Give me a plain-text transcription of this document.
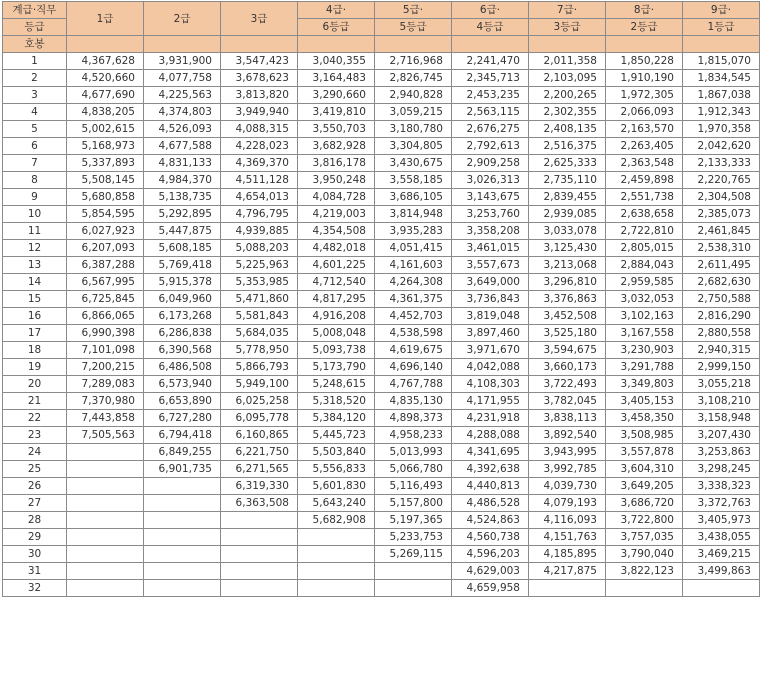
계급·직무	1급	2급	3급	4급·	5급·	6급·	7급·	8급·	9급·
등급				6등급	5등급	4등급	3등급	2등급	1등급
호봉									
1	4,367,628	3,931,900	3,547,423	3,040,355	2,716,968	2,241,470	2,011,358	1,850,228	1,815,070
2	4,520,660	4,077,758	3,678,623	3,164,483	2,826,745	2,345,713	2,103,095	1,910,190	1,834,545
3	4,677,690	4,225,563	3,813,820	3,290,660	2,940,828	2,453,235	2,200,265	1,972,305	1,867,038
4	4,838,205	4,374,803	3,949,940	3,419,810	3,059,215	2,563,115	2,302,355	2,066,093	1,912,343
5	5,002,615	4,526,093	4,088,315	3,550,703	3,180,780	2,676,275	2,408,135	2,163,570	1,970,358
6	5,168,973	4,677,588	4,228,023	3,682,928	3,304,805	2,792,613	2,516,375	2,263,405	2,042,620
7	5,337,893	4,831,133	4,369,370	3,816,178	3,430,675	2,909,258	2,625,333	2,363,548	2,133,333
8	5,508,145	4,984,370	4,511,128	3,950,248	3,558,185	3,026,313	2,735,110	2,459,898	2,220,765
9	5,680,858	5,138,735	4,654,013	4,084,728	3,686,105	3,143,675	2,839,455	2,551,738	2,304,508
10	5,854,595	5,292,895	4,796,795	4,219,003	3,814,948	3,253,760	2,939,085	2,638,658	2,385,073
11	6,027,923	5,447,875	4,939,885	4,354,508	3,935,283	3,358,208	3,033,078	2,722,810	2,461,845
12	6,207,093	5,608,185	5,088,203	4,482,018	4,051,415	3,461,015	3,125,430	2,805,015	2,538,310
13	6,387,288	5,769,418	5,225,963	4,601,225	4,161,603	3,557,673	3,213,068	2,884,043	2,611,495
14	6,567,995	5,915,378	5,353,985	4,712,540	4,264,308	3,649,000	3,296,810	2,959,585	2,682,630
15	6,725,845	6,049,960	5,471,860	4,817,295	4,361,375	3,736,843	3,376,863	3,032,053	2,750,588
16	6,866,065	6,173,268	5,581,843	4,916,208	4,452,703	3,819,048	3,452,508	3,102,163	2,816,290
17	6,990,398	6,286,838	5,684,035	5,008,048	4,538,598	3,897,460	3,525,180	3,167,558	2,880,558
18	7,101,098	6,390,568	5,778,950	5,093,738	4,619,675	3,971,670	3,594,675	3,230,903	2,940,315
19	7,200,215	6,486,508	5,866,793	5,173,790	4,696,140	4,042,088	3,660,173	3,291,788	2,999,150
20	7,289,083	6,573,940	5,949,100	5,248,615	4,767,788	4,108,303	3,722,493	3,349,803	3,055,218
21	7,370,980	6,653,890	6,025,258	5,318,520	4,835,130	4,171,955	3,782,045	3,405,153	3,108,210
22	7,443,858	6,727,280	6,095,778	5,384,120	4,898,373	4,231,918	3,838,113	3,458,350	3,158,948
23	7,505,563	6,794,418	6,160,865	5,445,723	4,958,233	4,288,088	3,892,540	3,508,985	3,207,430
24		6,849,255	6,221,750	5,503,840	5,013,993	4,341,695	3,943,995	3,557,878	3,253,863
25		6,901,735	6,271,565	5,556,833	5,066,780	4,392,638	3,992,785	3,604,310	3,298,245
26			6,319,330	5,601,830	5,116,493	4,440,813	4,039,730	3,649,205	3,338,323
27			6,363,508	5,643,240	5,157,800	4,486,528	4,079,193	3,686,720	3,372,763
28				5,682,908	5,197,365	4,524,863	4,116,093	3,722,800	3,405,973
29					5,233,753	4,560,738	4,151,763	3,757,035	3,438,055
30					5,269,115	4,596,203	4,185,895	3,790,040	3,469,215
31						4,629,003	4,217,875	3,822,123	3,499,863
32						4,659,958			
